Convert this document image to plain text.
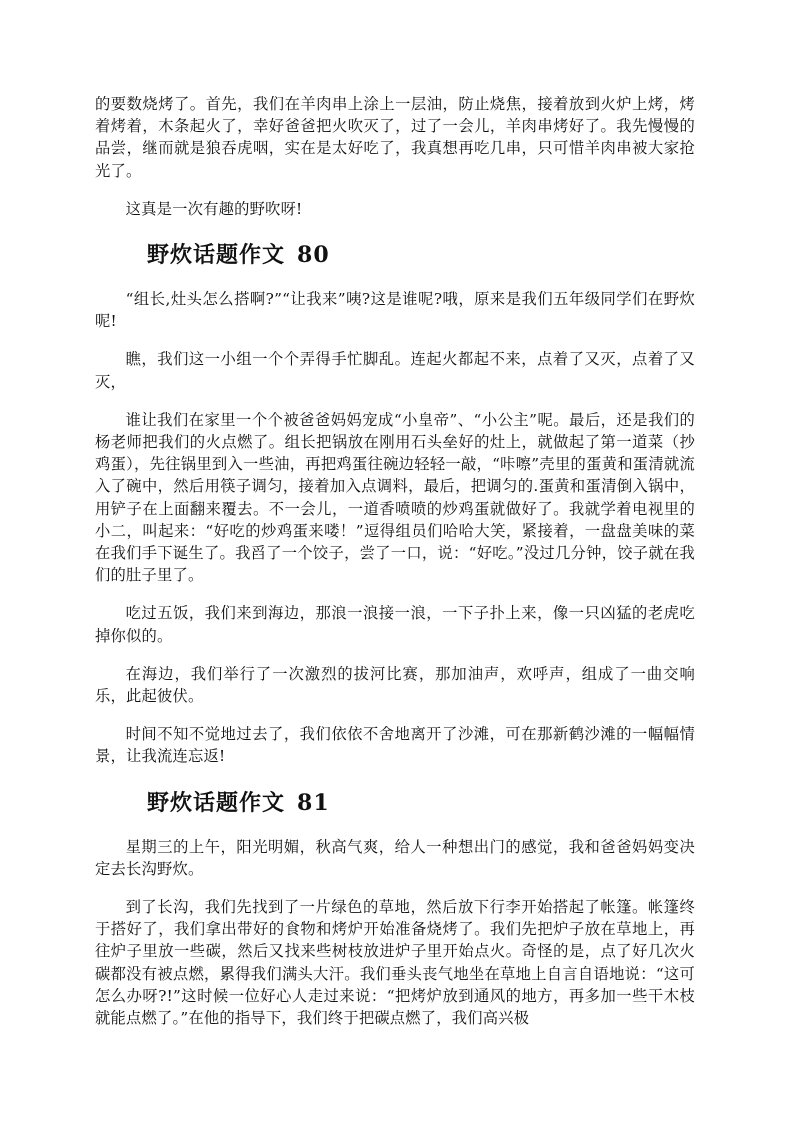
的要数烧烤了。首先，我们在羊肉串上涂上一层油，防止烧焦，接着放到火炉上烤，烤着烤着，木条起火了，幸好爸爸把火吹灭了，过了一会儿，羊肉串烤好了。我先慢慢的品尝，继而就是狼吞虎咽，实在是太好吃了，我真想再吃几串，只可惜羊肉串被大家抢光了。

这真是一次有趣的野吹呀!

野炊话题作文 80

“组长,灶头怎么搭啊?”“让我来”咦?这是谁呢?哦，原来是我们五年级同学们在野炊呢!

瞧，我们这一小组一个个弄得手忙脚乱。连起火都起不来，点着了又灭，点着了又灭，

谁让我们在家里一个个被爸爸妈妈宠成“小皇帝”、“小公主”呢。最后，还是我们的杨老师把我们的火点燃了。组长把锅放在刚用石头垒好的灶上，就做起了第一道菜（抄鸡蛋），先往锅里到入一些油，再把鸡蛋往碗边轻轻一敲，“咔嚓”壳里的蛋黄和蛋清就流入了碗中，然后用筷子调匀，接着加入点调料，最后，把调匀的.蛋黄和蛋清倒入锅中，用铲子在上面翻来覆去。不一会儿，一道香喷喷的炒鸡蛋就做好了。我就学着电视里的小二，叫起来：“好吃的炒鸡蛋来喽！”逗得组员们哈哈大笑，紧接着，一盘盘美味的菜在我们手下诞生了。我舀了一个饺子，尝了一口，说：“好吃。”没过几分钟，饺子就在我们的肚子里了。

吃过五饭，我们来到海边，那浪一浪接一浪，一下子扑上来，像一只凶猛的老虎吃掉你似的。

在海边，我们举行了一次激烈的拔河比赛，那加油声，欢呼声，组成了一曲交响乐，此起彼伏。

时间不知不觉地过去了，我们依依不舍地离开了沙滩，可在那新鹤沙滩的一幅幅情景，让我流连忘返!

野炊话题作文 81

星期三的上午，阳光明媚，秋高气爽，给人一种想出门的感觉，我和爸爸妈妈变决定去长沟野炊。

到了长沟，我们先找到了一片绿色的草地，然后放下行李开始搭起了帐篷。帐篷终于搭好了，我们拿出带好的食物和烤炉开始准备烧烤了。我们先把炉子放在草地上，再往炉子里放一些碳，然后又找来些树枝放进炉子里开始点火。奇怪的是，点了好几次火碳都没有被点燃，累得我们满头大汗。我们垂头丧气地坐在草地上自言自语地说：“这可怎么办呀?!”这时候一位好心人走过来说：“把烤炉放到通风的地方，再多加一些干木枝就能点燃了。”在他的指导下，我们终于把碳点燃了，我们高兴极
